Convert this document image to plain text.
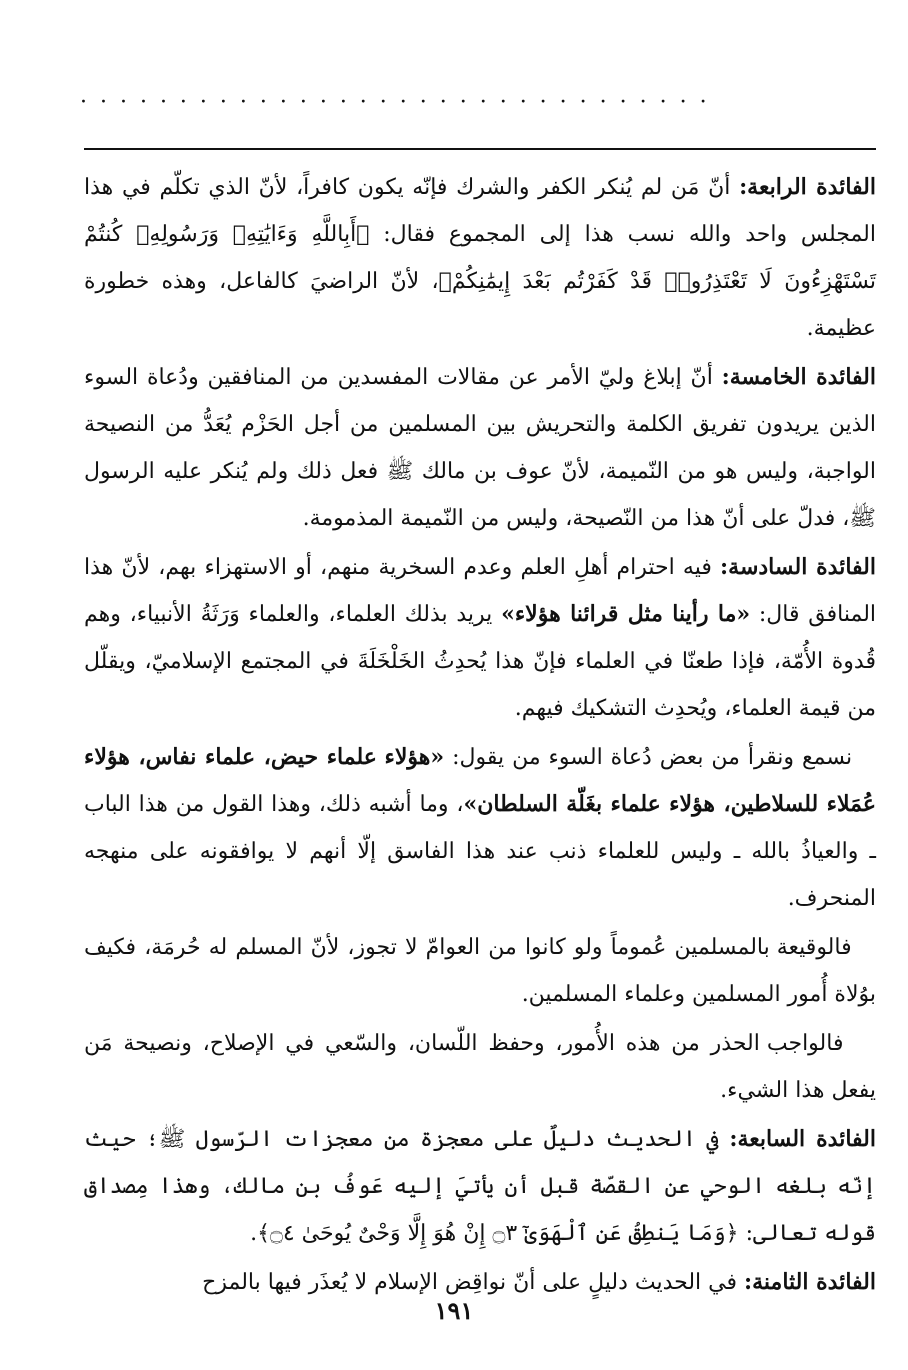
· · · · · · · · · · · · · · · · · · · · · · · · · · · · · · · ·

الفائدة الرابعة: أنّ مَن لم يُنكر الكفر والشرك فإنّه يكون كافراً، لأنّ الذي تكلّم في هذا المجلس واحد والله نسب هذا إلى المجموع فقال: ﴿أَبِاللَّهِ وَءَايَٰتِهِۦ وَرَسُولِهِۦ كُنتُمْ تَسْتَهْزِءُونَ لَا تَعْتَذِرُوا۟ قَدْ كَفَرْتُم بَعْدَ إِيمَٰنِكُمْ﴾، لأنّ الراضيَ كالفاعل، وهذه خطورة عظيمة.

الفائدة الخامسة: أنّ إبلاغ وليّ الأمر عن مقالات المفسدين من المنافقين ودُعاة السوء الذين يريدون تفريق الكلمة والتحريش بين المسلمين من أجل الحَزْم يُعَدُّ من النصيحة الواجبة، وليس هو من النّميمة، لأنّ عوف بن مالك ﷺ فعل ذلك ولم يُنكر عليه الرسول ﷺ، فدلّ على أنّ هذا من النّصيحة، وليس من النّميمة المذمومة.

الفائدة السادسة: فيه احترام أهلِ العلم وعدم السخرية منهم، أو الاستهزاء بهم، لأنّ هذا المنافق قال: «ما رأينا مثل قرائنا هؤلاء» يريد بذلك العلماء، والعلماء وَرَثَةُ الأنبياء، وهم قُدوة الأُمّة، فإذا طعنّا في العلماء فإنّ هذا يُحدِثُ الخَلْخَلَةَ في المجتمع الإسلاميّ، ويقلّل من قيمة العلماء، ويُحدِث التشكيك فيهم.

نسمع ونقرأ من بعض دُعاة السوء من يقول: «هؤلاء علماء حيض، علماء نفاس، هؤلاء عُمَلاء للسلاطين، هؤلاء علماء بغَلّة السلطان»، وما أشبه ذلك، وهذا القول من هذا الباب ـ والعياذُ بالله ـ وليس للعلماء ذنب عند هذا الفاسق إلّا أنهم لا يوافقونه على منهجه المنحرف.

فالوقيعة بالمسلمين عُموماً ولو كانوا من العوامّ لا تجوز، لأنّ المسلم له حُرمَة، فكيف بوُلاة أُمور المسلمين وعلماء المسلمين.

فالواجب الحذر من هذه الأُمور، وحفظ اللّسان، والسّعي في الإصلاح، ونصيحة مَن يفعل هذا الشيء.

الفائدة السابعة: في الحديث دليلٌ على معجزة من معجزات الرّسول ﷺ؛ حيث إنّه بلغه الوحي عن القصّة قبل أن يأتيَ إليه عَوفُ بن مالك، وهذا مِصداق قوله تعالى: ﴿وَمَا يَنطِقُ عَنِ ٱلْهَوَىٰٓ ۝٣ إِنْ هُوَ إِلَّا وَحْىٌ يُوحَىٰ ۝٤﴾.

الفائدة الثامنة: في الحديث دليلٍ على أنّ نواقِض الإسلام لا يُعذَر فيها بالمزح

١٩١
